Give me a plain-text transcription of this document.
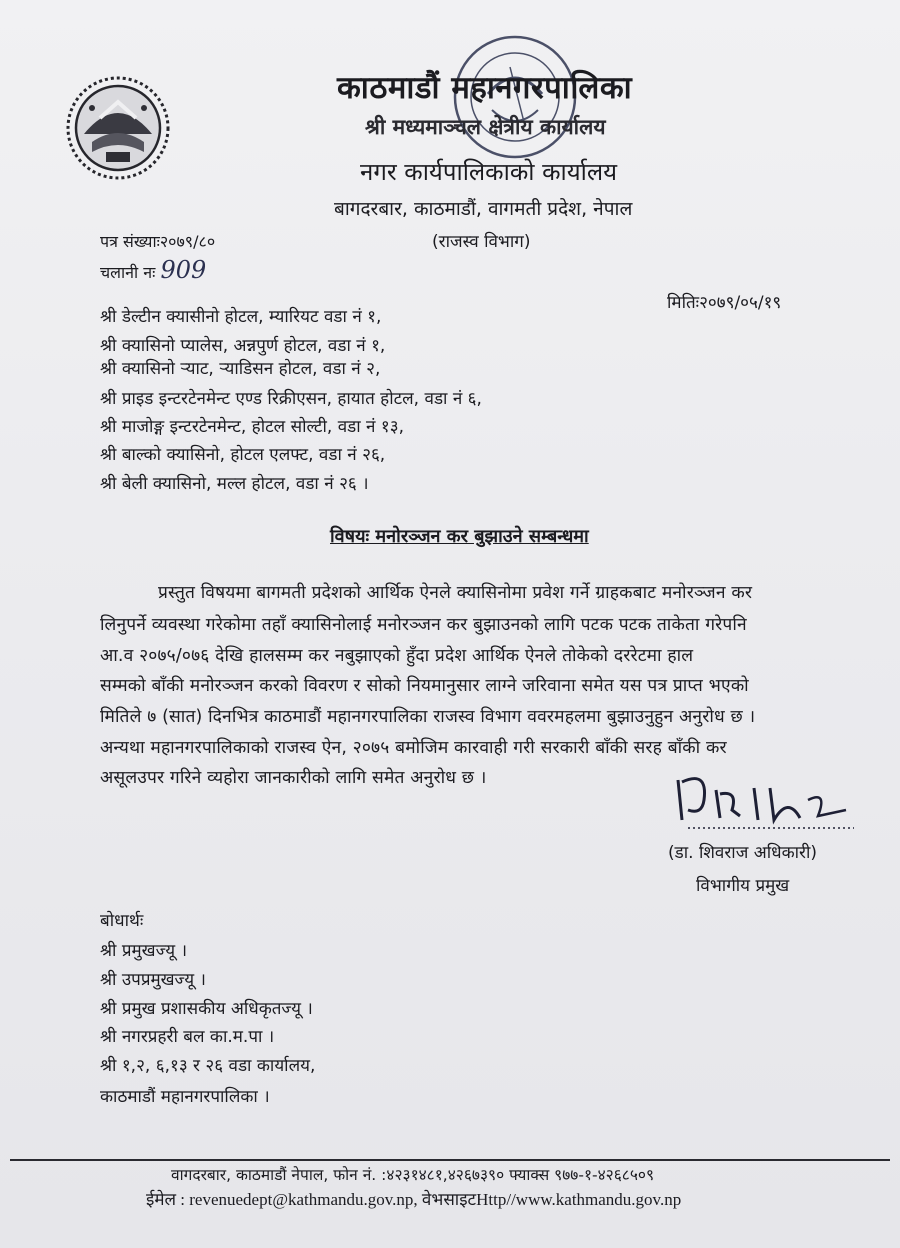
काठमाडौं महानगरपालिका
श्री मध्यमाञ्चल क्षेत्रीय कार्यालय
नगर कार्यपालिकाको कार्यालय
बागदरबार, काठमाडौं, वागमती प्रदेश, नेपाल
(राजस्व विभाग)
पत्र संख्याः२०७९/८०
चलानी नः 909
मितिः२०७९/०५/१९
श्री डेल्टीन क्यासीनो होटल, म्यारियट वडा नं १,
श्री क्यासिनो प्यालेस, अन्नपुर्ण होटल, वडा नं १,
श्री क्यासिनो ऱ्याट, ऱ्याडिसन होटल, वडा नं २,
श्री प्राइड इन्टरटेनमेन्ट एण्ड रिक्रीएसन, हायात होटल, वडा नं ६,
श्री माजोङ्ग इन्टरटेनमेन्ट, होटल सोल्टी, वडा नं १३,
श्री बाल्को क्यासिनो, होटल एलफ्ट, वडा नं २६,
श्री बेली क्यासिनो, मल्ल होटल, वडा नं २६ ।
विषयः मनोरञ्जन कर बुझाउने सम्बन्धमा
प्रस्तुत विषयमा बागमती प्रदेशको आर्थिक ऐनले क्यासिनोमा प्रवेश गर्ने ग्राहकबाट मनोरञ्जन कर
लिनुपर्ने व्यवस्था गरेकोमा तहाँ क्यासिनोलाई मनोरञ्जन कर बुझाउनको लागि पटक पटक ताकेता गरेपनि
आ.व २०७५/०७६ देखि हालसम्म कर नबुझाएको हुँदा प्रदेश आर्थिक ऐनले तोकेको दररेटमा हाल
सम्मको बाँकी मनोरञ्जन करको विवरण र सोको नियमानुसार लाग्ने जरिवाना समेत यस पत्र प्राप्त भएको
मितिले ७ (सात) दिनभित्र काठमाडौं महानगरपालिका राजस्व विभाग ववरमहलमा बुझाउनुहुन अनुरोध छ ।
अन्यथा महानगरपालिकाको राजस्व ऐन, २०७५ बमोजिम कारवाही गरी सरकारी बाँकी सरह बाँकी कर
असूलउपर गरिने व्यहोरा जानकारीको लागि समेत अनुरोध छ ।
(डा. शिवराज अधिकारी)
विभागीय प्रमुख
बोधार्थः
श्री प्रमुखज्यू ।
श्री उपप्रमुखज्यू ।
श्री प्रमुख प्रशासकीय अधिकृतज्यू ।
श्री नगरप्रहरी बल का.म.पा ।
श्री १,२, ६,१३ र २६ वडा कार्यालय,
काठमाडौं महानगरपालिका ।
वागदरबार, काठमाडौं नेपाल, फोन नं. :४२३१४८१,४२६७३९० फ्याक्स ९७७-१-४२६८५०९
ईमेल : revenuedept@kathmandu.gov.np, वेभसाइटHttp//www.kathmandu.gov.np
